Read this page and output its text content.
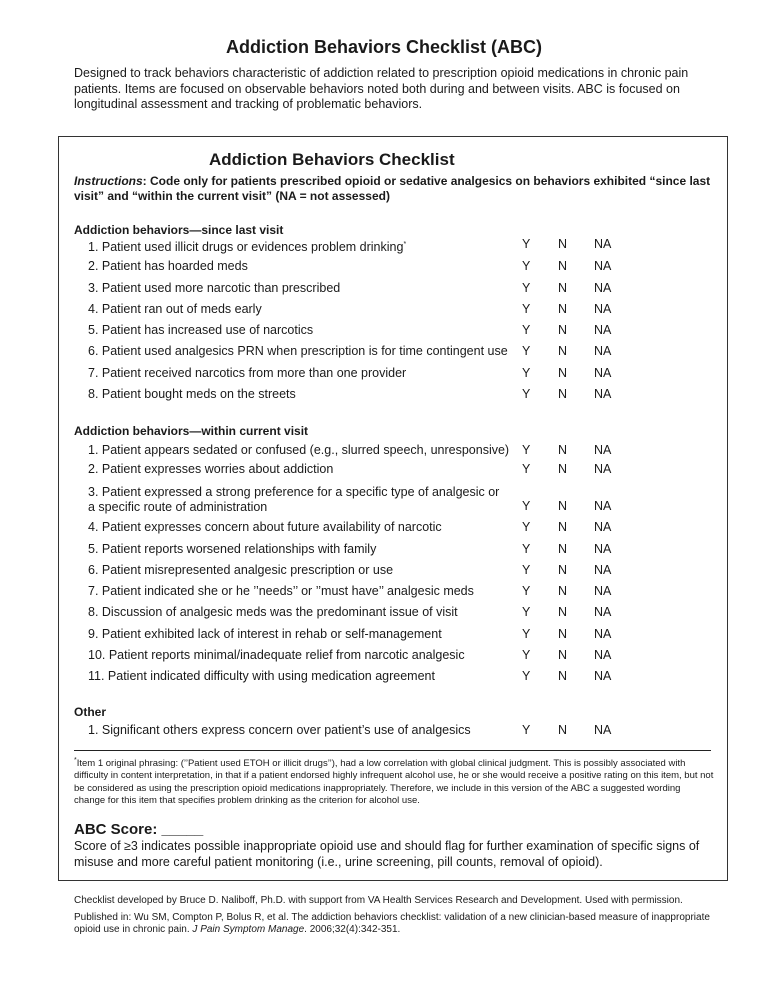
Addiction Behaviors Checklist (ABC)
Designed to track behaviors characteristic of addiction related to prescription opioid medications in chronic pain patients. Items are focused on observable behaviors noted both during and between visits. ABC is focused on longitudinal assessment and tracking of problematic behaviors.
Addiction Behaviors Checklist
Instructions: Code only for patients prescribed opioid or sedative analgesics on behaviors exhibited “since last visit” and “within the current visit” (NA = not assessed)
Addiction behaviors—since last visit
Addiction behaviors—within current visit
Other
1. Patient used illicit drugs or evidences problem drinking*	Y N NA
2. Patient has hoarded meds	Y N NA
3. Patient used more narcotic than prescribed	Y N NA
4. Patient ran out of meds early	Y N NA
5. Patient has increased use of narcotics	Y N NA
6. Patient used analgesics PRN when prescription is for time contingent use	Y N NA
7. Patient received narcotics from more than one provider	Y N NA
8. Patient bought meds on the streets	Y N NA
1. Patient appears sedated or confused (e.g., slurred speech, unresponsive)	Y N NA
2. Patient expresses worries about addiction	Y N NA
3. Patient expressed a strong preference for a specific type of analgesic or a specific route of administration	Y N NA
4. Patient expresses concern about future availability of narcotic	Y N NA
5. Patient reports worsened relationships with family	Y N NA
6. Patient misrepresented analgesic prescription or use	Y N NA
7. Patient indicated she or he ’’needs’’ or ’’must have’’ analgesic meds	Y N NA
8. Discussion of analgesic meds was the predominant issue of visit	Y N NA
9. Patient exhibited lack of interest in rehab or self-management	Y N NA
10. Patient reports minimal/inadequate relief from narcotic analgesic	Y N NA
11. Patient indicated difficulty with using medication agreement	Y N NA
1. Significant others express concern over patient’s use of analgesics	Y N NA
*Item 1 original phrasing: (’’Patient used ETOH or illicit drugs’’), had a low correlation with global clinical judgment. This is possibly associated with difficulty in content interpretation, in that if a patient endorsed highly infrequent alcohol use, he or she would receive a positive rating on this item, but not be considered as using the prescription opioid medications inappropriately. Therefore, we include in this version of the ABC a suggested wording change for this item that specifies problem drinking as the criterion for alcohol use.
ABC Score: _____
Score of ≥3 indicates possible inappropriate opioid use and should flag for further examination of specific signs of misuse and more careful patient monitoring (i.e., urine screening, pill counts, removal of opioid).

Checklist developed by Bruce D. Naliboff, Ph.D. with support from VA Health Services Research and Development. Used with permission.

Published in: Wu SM, Compton P, Bolus R, et al. The addiction behaviors checklist: validation of a new clinician-based measure of inappropriate opioid use in chronic pain. J Pain Symptom Manage. 2006;32(4):342-351.
